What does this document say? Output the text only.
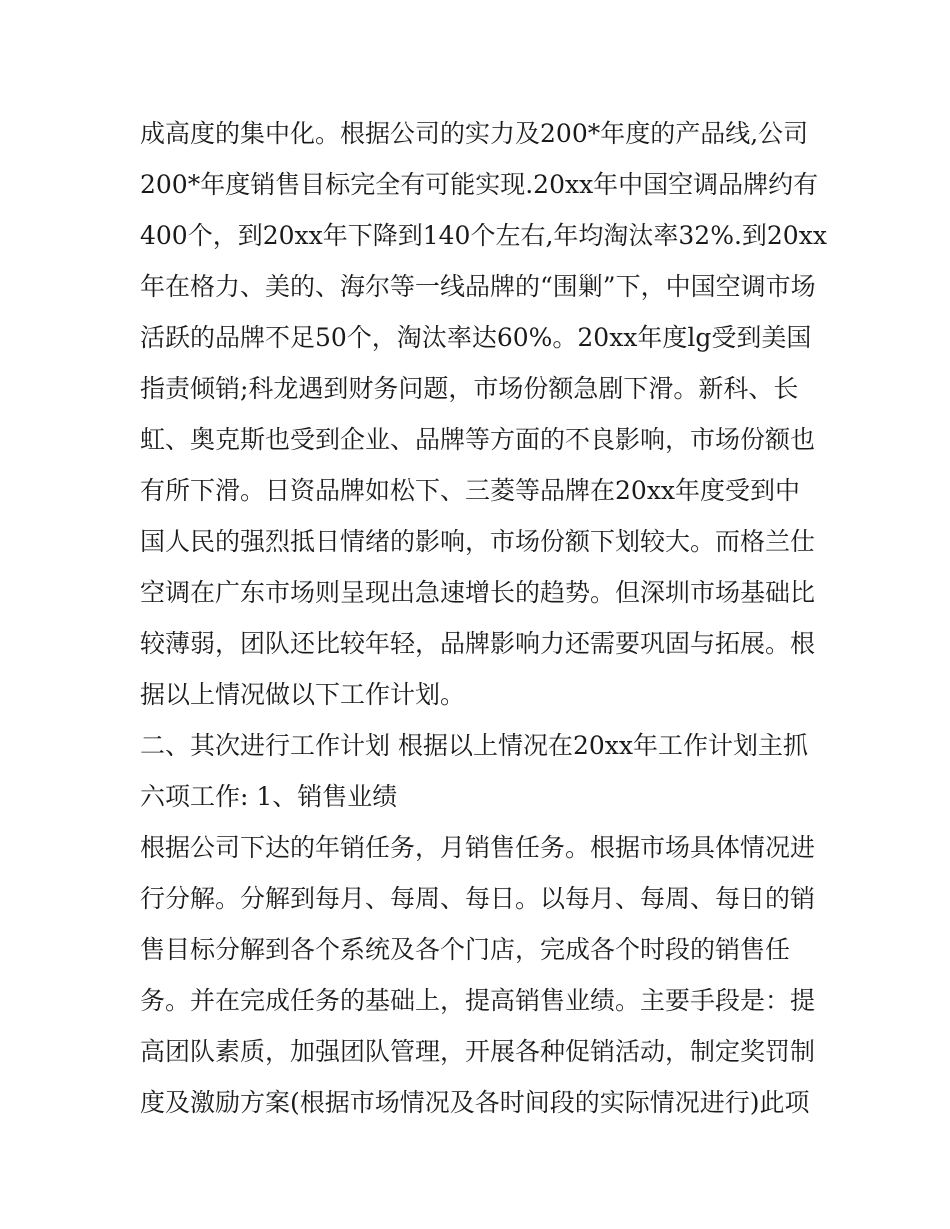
成高度的集中化。根据公司的实力及200*年度的产品线,公司
200*年度销售目标完全有可能实现.20xx年中国空调品牌约有
400个，到20xx年下降到140个左右,年均淘汰率32%.到20xx
年在格力、美的、海尔等一线品牌的“围剿”下，中国空调市场
活跃的品牌不足50个，淘汰率达60%。20xx年度lg受到美国
指责倾销;科龙遇到财务问题，市场份额急剧下滑。新科、长
虹、奥克斯也受到企业、品牌等方面的不良影响，市场份额也
有所下滑。日资品牌如松下、三菱等品牌在20xx年度受到中
国人民的强烈抵日情绪的影响，市场份额下划较大。而格兰仕
空调在广东市场则呈现出急速增长的趋势。但深圳市场基础比
较薄弱，团队还比较年轻，品牌影响力还需要巩固与拓展。根
据以上情况做以下工作计划。
二、其次进行工作计划 根据以上情况在20xx年工作计划主抓
六项工作: 1、销售业绩
根据公司下达的年销任务，月销售任务。根据市场具体情况进
行分解。分解到每月、每周、每日。以每月、每周、每日的销
售目标分解到各个系统及各个门店，完成各个时段的销售任
务。并在完成任务的基础上，提高销售业绩。主要手段是：提
高团队素质，加强团队管理，开展各种促销活动，制定奖罚制
度及激励方案(根据市场情况及各时间段的实际情况进行)此项
